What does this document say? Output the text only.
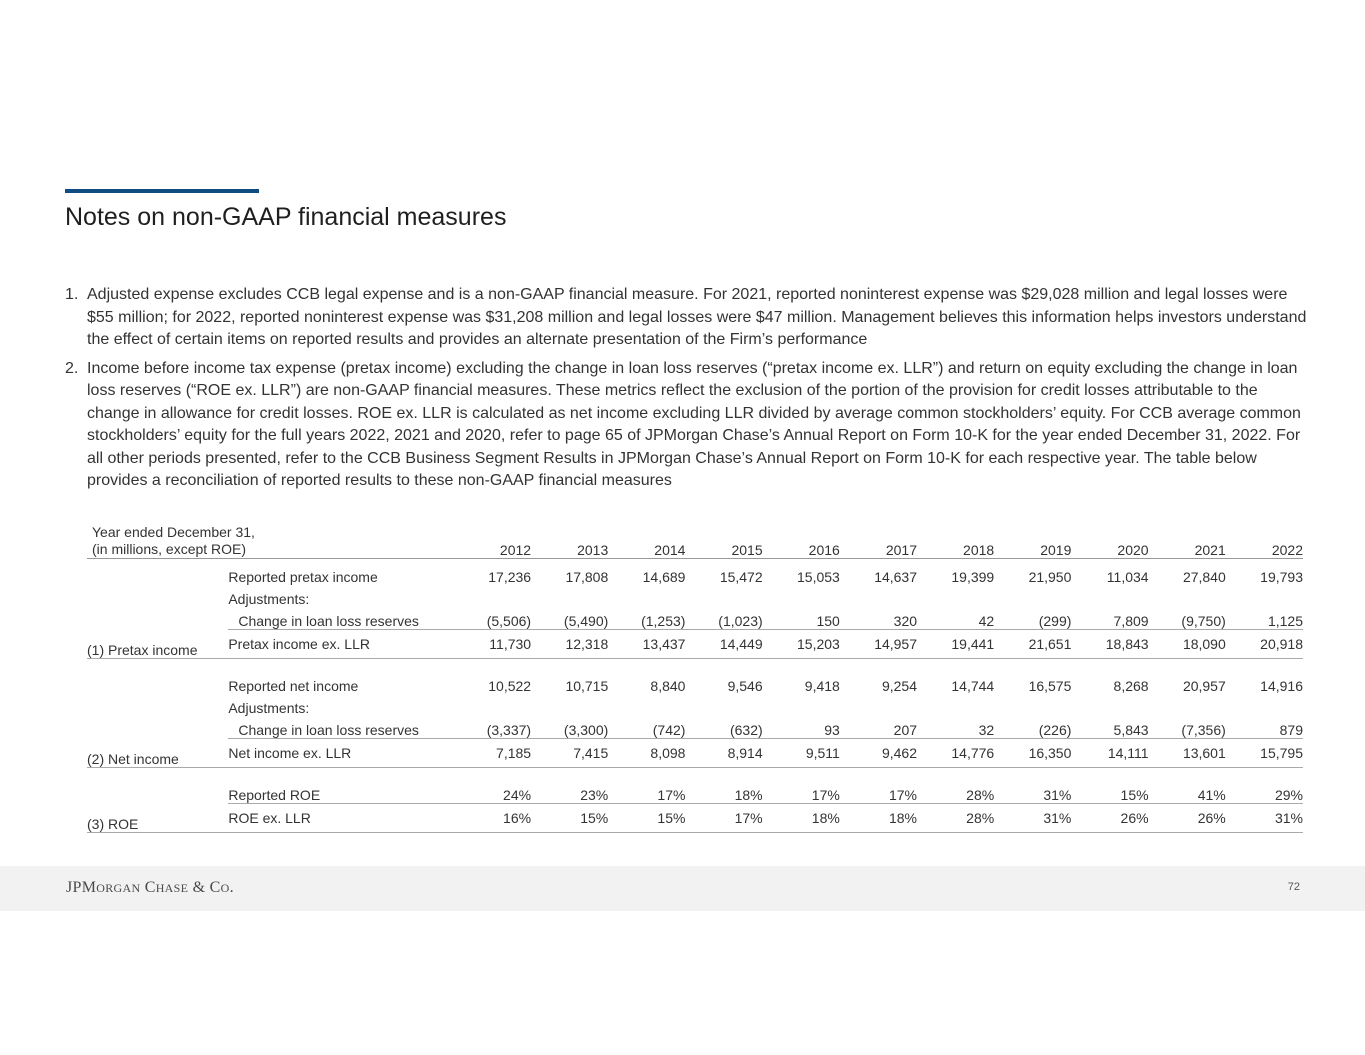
Notes on non-GAAP financial measures
1. Adjusted expense excludes CCB legal expense and is a non-GAAP financial measure. For 2021, reported noninterest expense was $29,028 million and legal losses were $55 million; for 2022, reported noninterest expense was $31,208 million and legal losses were $47 million. Management believes this information helps investors understand the effect of certain items on reported results and provides an alternate presentation of the Firm’s performance
2. Income before income tax expense (pretax income) excluding the change in loan loss reserves (“pretax income ex. LLR”) and return on equity excluding the change in loan loss reserves (“ROE ex. LLR”) are non-GAAP financial measures. These metrics reflect the exclusion of the portion of the provision for credit losses attributable to the change in allowance for credit losses. ROE ex. LLR is calculated as net income excluding LLR divided by average common stockholders’ equity. For CCB average common stockholders’ equity for the full years 2022, 2021 and 2020, refer to page 65 of JPMorgan Chase’s Annual Report on Form 10-K for the year ended December 31, 2022. For all other periods presented, refer to the CCB Business Segment Results in JPMorgan Chase’s Annual Report on Form 10-K for each respective year. The table below provides a reconciliation of reported results to these non-GAAP financial measures
Year ended December 31,
(in millions, except ROE)		2012	2013	2014	2015	2016	2017	2018	2019	2020	2021	2022
(1) Pretax income	Reported pretax income	17,236	17,808	14,689	15,472	15,053	14,637	19,399	21,950	11,034	27,840	19,793
	Adjustments:											
	Change in loan loss reserves	(5,506)	(5,490)	(1,253)	(1,023)	150	320	42	(299)	7,809	(9,750)	1,125
	Pretax income ex. LLR	11,730	12,318	13,437	14,449	15,203	14,957	19,441	21,651	18,843	18,090	20,918

(2) Net income	Reported net income	10,522	10,715	8,840	9,546	9,418	9,254	14,744	16,575	8,268	20,957	14,916
	Adjustments:											
	Change in loan loss reserves	(3,337)	(3,300)	(742)	(632)	93	207	32	(226)	5,843	(7,356)	879
	Net income ex. LLR	7,185	7,415	8,098	8,914	9,511	9,462	14,776	16,350	14,111	13,601	15,795

(3) ROE	Reported ROE	24%	23%	17%	18%	17%	17%	28%	31%	15%	41%	29%
	ROE ex. LLR	16%	15%	15%	17%	18%	18%	28%	31%	26%	26%	31%
JPMORGAN CHASE & CO.	72
